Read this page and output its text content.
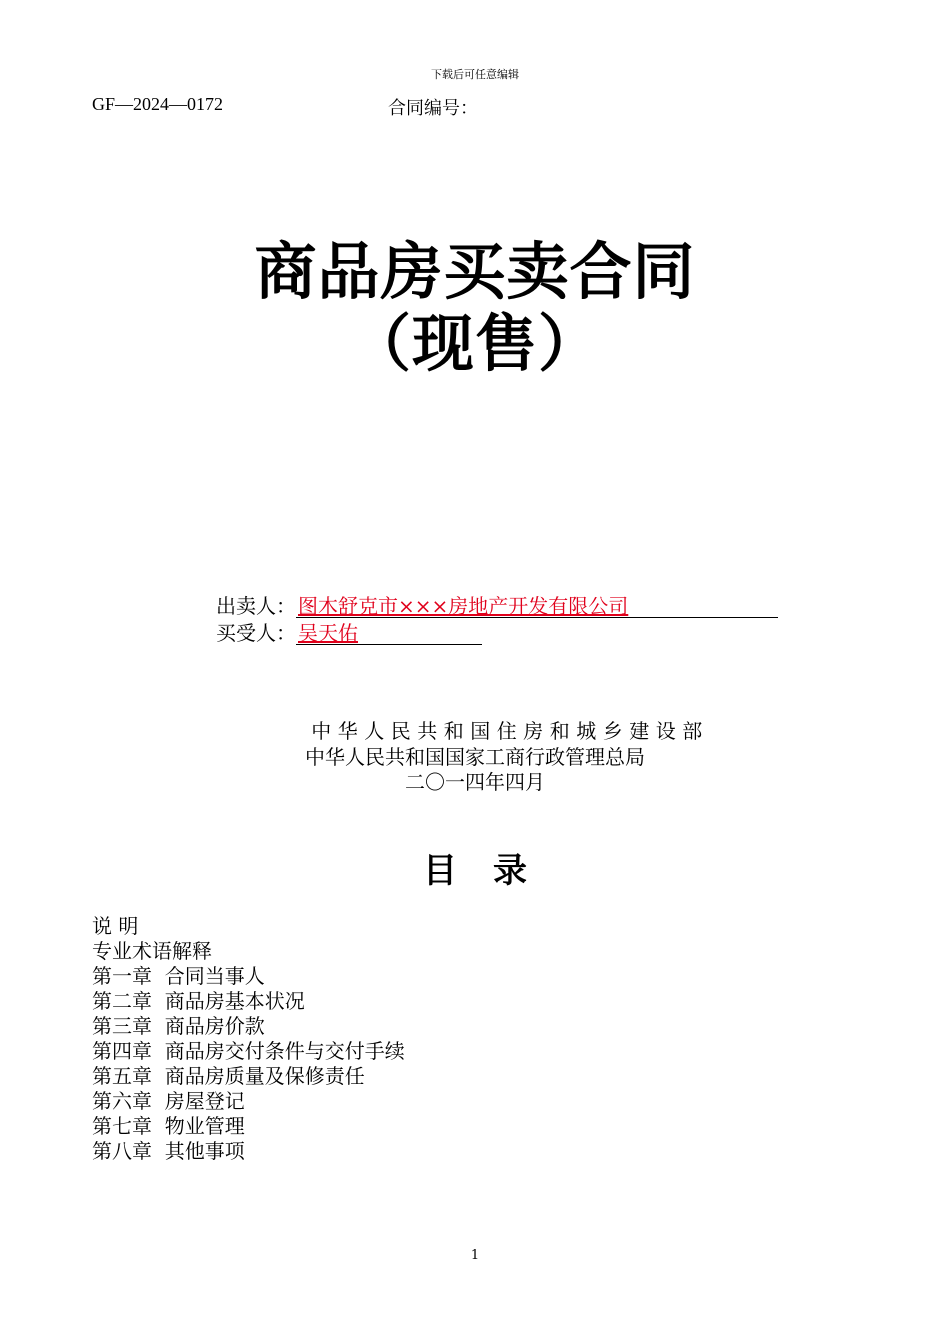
下载后可任意编辑
GF—2024—0172	合同编号：
商品房买卖合同
（现售）
出卖人： 图木舒克市×××房地产开发有限公司
买受人： 吴天佑
中华人民共和国住房和城乡建设部
中华人民共和国国家工商行政管理总局
二〇一四年四月
目录
说 明
专业术语解释
第一章  合同当事人
第二章  商品房基本状况
第三章  商品房价款
第四章  商品房交付条件与交付手续
第五章  商品房质量及保修责任
第六章  房屋登记
第七章  物业管理
第八章  其他事项
1
